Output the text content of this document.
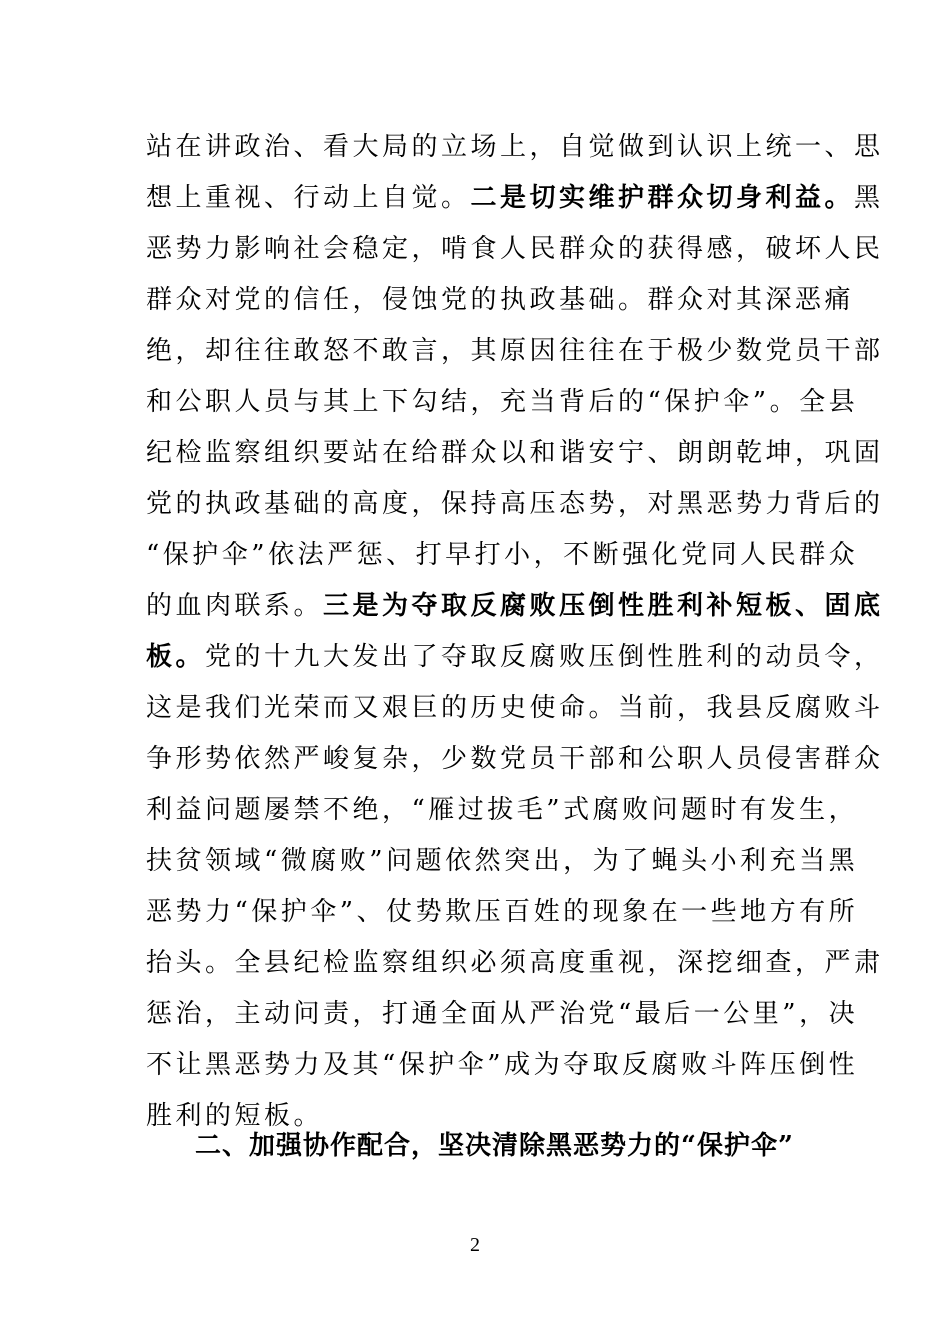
站在讲政治、看大局的立场上，自觉做到认识上统一、思
想上重视、行动上自觉。二是切实维护群众切身利益。黑
恶势力影响社会稳定，啃食人民群众的获得感，破坏人民
群众对党的信任，侵蚀党的执政基础。群众对其深恶痛
绝，却往往敢怒不敢言，其原因往往在于极少数党员干部
和公职人员与其上下勾结，充当背后的“保护伞”。全县
纪检监察组织要站在给群众以和谐安宁、朗朗乾坤，巩固
党的执政基础的高度，保持高压态势，对黑恶势力背后的
“保护伞”依法严惩、打早打小，不断强化党同人民群众
的血肉联系。三是为夺取反腐败压倒性胜利补短板、固底
板。党的十九大发出了夺取反腐败压倒性胜利的动员令，
这是我们光荣而又艰巨的历史使命。当前，我县反腐败斗
争形势依然严峻复杂，少数党员干部和公职人员侵害群众
利益问题屡禁不绝，“雁过拔毛”式腐败问题时有发生，
扶贫领域“微腐败”问题依然突出，为了蝇头小利充当黑
恶势力“保护伞”、仗势欺压百姓的现象在一些地方有所
抬头。全县纪检监察组织必须高度重视，深挖细查，严肃
惩治，主动问责，打通全面从严治党“最后一公里”，决
不让黑恶势力及其“保护伞”成为夺取反腐败斗阵压倒性
胜利的短板。
二、加强协作配合，坚决清除黑恶势力的“保护伞”
2
